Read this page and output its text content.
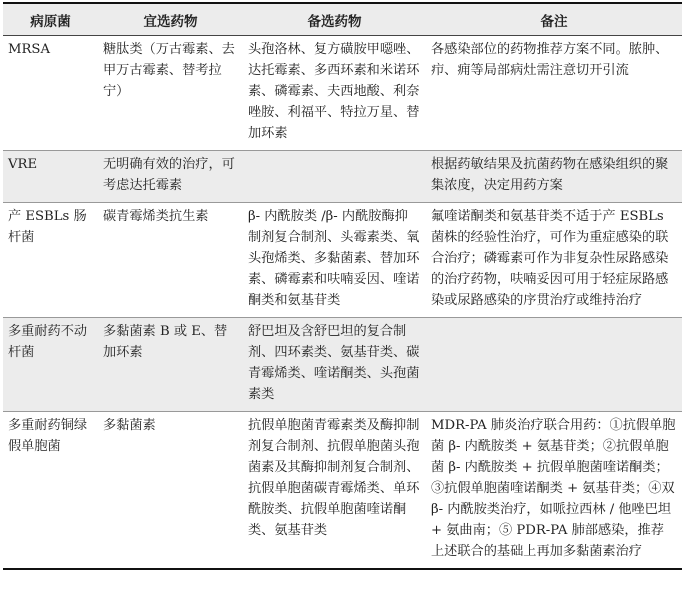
病原菌	宜选药物	备选药物	备注

MRSA	糖肽类（万古霉素、去甲万古霉素、替考拉宁）	头孢洛林、复方磺胺甲噁唑、达托霉素、多西环素和米诺环素、磷霉素、夫西地酸、利奈唑胺、利福平、特拉万星、替加环素	各感染部位的药物推荐方案不同。脓肿、疖、痈等局部病灶需注意切开引流

VRE	无明确有效的治疗，可考虑达托霉素		根据药敏结果及抗菌药物在感染组织的聚集浓度，决定用药方案

产 ESBLs 肠杆菌	碳青霉烯类抗生素	β- 内酰胺类 /β- 内酰胺酶抑制剂复合制剂、头霉素类、氧头孢烯类、多黏菌素、替加环素、磷霉素和呋喃妥因、喹诺酮类和氨基苷类	氟喹诺酮类和氨基苷类不适于产 ESBLs 菌株的经验性治疗，可作为重症感染的联合治疗；磷霉素可作为非复杂性尿路感染的治疗药物，呋喃妥因可用于轻症尿路感染或尿路感染的序贯治疗或维持治疗

多重耐药不动杆菌	多黏菌素 B 或 E、替加环素	舒巴坦及含舒巴坦的复合制剂、四环素类、氨基苷类、碳青霉烯类、喹诺酮类、头孢菌素类	

多重耐药铜绿假单胞菌	多黏菌素	抗假单胞菌青霉素类及酶抑制剂复合制剂、抗假单胞菌头孢菌素及其酶抑制剂复合制剂、抗假单胞菌碳青霉烯类、单环酰胺类、抗假单胞菌喹诺酮类、氨基苷类	MDR-PA 肺炎治疗联合用药：①抗假单胞菌 β- 内酰胺类 + 氨基苷类；②抗假单胞菌 β- 内酰胺类 + 抗假单胞菌喹诺酮类；③抗假单胞菌喹诺酮类 + 氨基苷类；④双 β- 内酰胺类治疗，如哌拉西林 / 他唑巴坦 + 氨曲南；⑤ PDR-PA 肺部感染，推荐上述联合的基础上再加多黏菌素治疗
